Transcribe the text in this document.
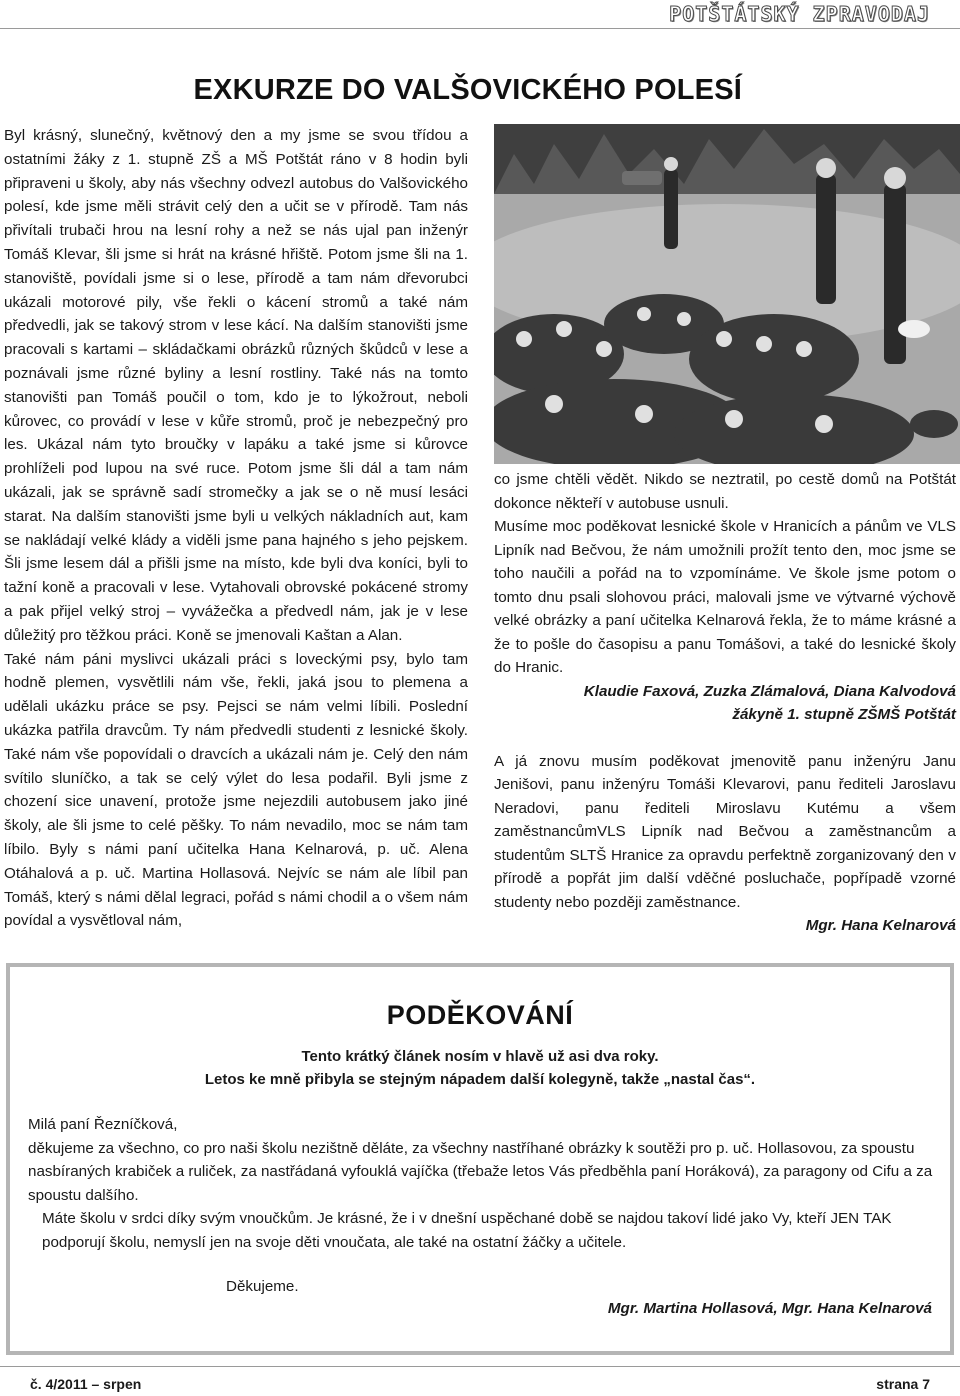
POTŠTÁTSKÝ ZPRAVODAJ
EXKURZE DO VALŠOVICKÉHO POLESÍ

Byl krásný, slunečný, květnový den a my jsme se svou třídou a ostatními žáky z 1. stupně ZŠ a MŠ Potštát ráno v 8 hodin byli připraveni u školy, aby nás všechny odvezl autobus do Valšovického polesí, kde jsme měli strávit celý den a učit se v přírodě. Tam nás přivítali trubači hrou na lesní rohy a než se nás ujal pan inženýr Tomáš Klevar, šli jsme si hrát na krásné hřiště. Potom jsme šli na 1. stanoviště, povídali jsme si o lese, přírodě a tam nám dřevorubci ukázali motorové pily, vše řekli o kácení stromů a také nám předvedli, jak se takový strom v lese kácí. Na dalším stanovišti jsme pracovali s kartami – skládačkami obrázků různých škůdců v lese a poznávali jsme různé byliny a lesní rostliny. Také nás na tomto stanovišti pan Tomáš poučil o tom, kdo je to lýkožrout, neboli kůrovec, co provádí v lese v kůře stromů, proč je nebezpečný pro les. Ukázal nám tyto broučky v lapáku a také jsme si kůrovce prohlíželi pod lupou na své ruce. Potom jsme šli dál a tam nám ukázali, jak se správně sadí stromečky a jak se o ně musí lesáci starat. Na dalším stanovišti jsme byli u velkých nákladních aut, kam se nakládají velké klády a viděli jsme pana hajného s jeho pejskem. Šli jsme lesem dál a přišli jsme na místo, kde byli dva koníci, byli to tažní koně a pracovali v lese. Vytahovali obrovské pokácené stromy a pak přijel velký stroj – vyvážečka a předvedl nám, jak je v lese důležitý pro těžkou práci. Koně se jmenovali Kaštan a Alan.

Také nám páni myslivci ukázali práci s loveckými psy, bylo tam hodně plemen, vysvětlili nám vše, řekli, jaká jsou to plemena a udělali ukázku práce se psy. Pejsci se nám velmi líbili. Poslední ukázka patřila dravcům. Ty nám předvedli studenti z lesnické školy. Také nám vše popovídali o dravcích a ukázali nám je. Celý den nám svítilo sluníčko, a tak se celý výlet do lesa podařil. Byli jsme z chození sice unavení, protože jsme nejezdili autobusem jako jiné školy, ale šli jsme to celé pěšky. To nám nevadilo, moc se nám tam líbilo. Byly s námi paní učitelka Hana Kelnarová, p. uč. Alena Otáhalová a p. uč. Martina Hollasová. Nejvíc se nám ale líbil pan Tomáš, který s námi dělal legraci, pořád s námi chodil a o všem nám povídal a vysvětloval nám,

co jsme chtěli vědět. Nikdo se neztratil, po cestě domů na Potštát dokonce někteří v autobuse usnuli.

Musíme moc poděkovat lesnické škole v Hranicích a pánům ve VLS Lipník nad Bečvou, že nám umožnili prožít tento den, moc jsme se toho naučili a pořád na to vzpomínáme. Ve škole jsme potom o tomto dnu psali slohovou práci, malovali jsme ve výtvarné výchově velké obrázky a paní učitelka Kelnarová řekla, že to máme krásné a že to pošle do časopisu a panu Tomášovi, a také do lesnické školy do Hranic.

Klaudie Faxová, Zuzka Zlámalová, Diana Kalvodová

žákyně 1. stupně ZŠMŠ Potštát

A já znovu musím poděkovat jmenovitě panu inženýru Janu Jenišovi, panu inženýru Tomáši Klevarovi, panu řediteli Jaroslavu Neradovi, panu řediteli Miroslavu Kutému a všem zaměstnancůmVLS Lipník nad Bečvou a zaměstnancům a studentům SLTŠ Hranice za opravdu perfektně zorganizovaný den v přírodě a popřát jim další vděčné posluchače, popřípadě vzorné studenty nebo později zaměstnance.

Mgr. Hana Kelnarová

PODĚKOVÁNÍ
Tento krátký článek nosím v hlavě už asi dva roky.
Letos ke mně přibyla se stejným nápadem další kolegyně, takže „nastal čas“.

Milá paní Řezníčková,

děkujeme za všechno, co pro naši školu nezištně děláte, za všechny nastříhané obrázky k soutěži pro p. uč. Hollasovou, za spoustu nasbíraných krabiček a ruliček, za nastřádaná vyfouklá vajíčka (třebaže letos Vás předběhla paní Horáková), za paragony od Cifu a za spoustu dalšího.

Máte školu v srdci díky svým vnoučkům. Je krásné, že i v dnešní uspěchané době se najdou takoví lidé jako Vy, kteří JEN TAK podporují školu, nemyslí jen na svoje děti vnoučata, ale také na ostatní žáčky a učitele.

Děkujeme.
Mgr. Martina Hollasová, Mgr. Hana Kelnarová
č. 4/2011 – srpen	strana 7
